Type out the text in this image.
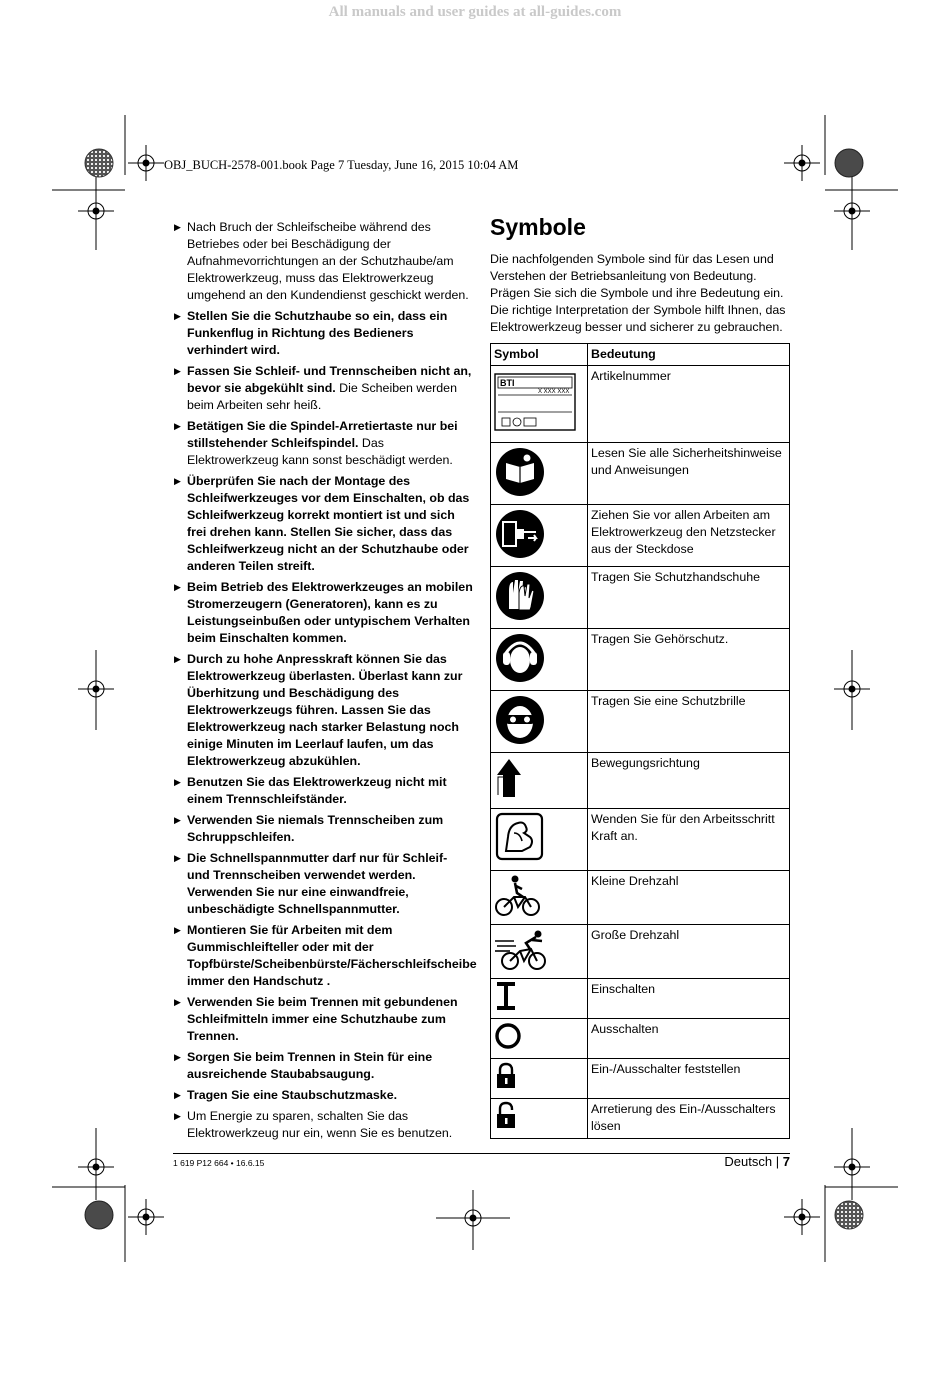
All manuals and user guides at all-guides.com
OBJ_BUCH-2578-001.book Page 7 Tuesday, June 16, 2015 10:04 AM
▶ Nach Bruch der Schleifscheibe während des Betriebes oder bei Beschädigung der Aufnahmevorrichtungen an der Schutzhaube/am Elektrowerkzeug, muss das Elektrowerkzeug umgehend an den Kundendienst geschickt werden.
▶ Stellen Sie die Schutzhaube so ein, dass ein Funkenflug in Richtung des Bedieners verhindert wird.
▶ Fassen Sie Schleif- und Trennscheiben nicht an, bevor sie abgekühlt sind. Die Scheiben werden beim Arbeiten sehr heiß.
▶ Betätigen Sie die Spindel-Arretiertaste nur bei stillstehender Schleifspindel. Das Elektrowerkzeug kann sonst beschädigt werden.
▶ Überprüfen Sie nach der Montage des Schleifwerkzeuges vor dem Einschalten, ob das Schleifwerkzeug korrekt montiert ist und sich frei drehen kann. Stellen Sie sicher, dass das Schleifwerkzeug nicht an der Schutzhaube oder anderen Teilen streift.
▶ Beim Betrieb des Elektrowerkzeuges an mobilen Stromerzeugern (Generatoren), kann es zu Leistungseinbußen oder untypischem Verhalten beim Einschalten kommen.
▶ Durch zu hohe Anpresskraft können Sie das Elektrowerkzeug überlasten. Überlast kann zur Überhitzung und Beschädigung des Elektrowerkzeugs führen. Lassen Sie das Elektrowerkzeug nach starker Belastung noch einige Minuten im Leerlauf laufen, um das Elektrowerkzeug abzukühlen.
▶ Benutzen Sie das Elektrowerkzeug nicht mit einem Trennschleifständer.
▶ Verwenden Sie niemals Trennscheiben zum Schruppschleifen.
▶ Die Schnellspannmutter darf nur für Schleif- und Trennscheiben verwendet werden. Verwenden Sie nur eine einwandfreie, unbeschädigte Schnellspannmutter.
▶ Montieren Sie für Arbeiten mit dem Gummischleifteller oder mit der Topfbürste/Scheibenbürste/Fächerschleifscheibe immer den Handschutz .
▶ Verwenden Sie beim Trennen mit gebundenen Schleifmitteln immer eine Schutzhaube zum Trennen.
▶ Sorgen Sie beim Trennen in Stein für eine ausreichende Staubabsaugung.
▶ Tragen Sie eine Staubschutzmaske.
▶ Um Energie zu sparen, schalten Sie das Elektrowerkzeug nur ein, wenn Sie es benutzen.
Symbole

Die nachfolgenden Symbole sind für das Lesen und Verstehen der Betriebsanleitung von Bedeutung. Prägen Sie sich die Symbole und ihre Bedeutung ein. Die richtige Interpretation der Symbole hilft Ihnen, das Elektrowerkzeug besser und sicherer zu gebrauchen.

Symbol	Bedeutung

BTI
X XXX XXX	Artikelnummer
	Lesen Sie alle Sicherheitshinweise und Anweisungen
	Ziehen Sie vor allen Arbeiten am Elektrowerkzeug den Netzstecker aus der Steckdose
	Tragen Sie Schutzhandschuhe
	Tragen Sie Gehörschutz.
	Tragen Sie eine Schutzbrille
	Bewegungsrichtung
	Wenden Sie für den Arbeitsschritt Kraft an.
	Kleine Drehzahl
	Große Drehzahl
	Einschalten
	Ausschalten
	Ein-/Ausschalter feststellen
	Arretierung des Ein-/Ausschalters lösen
1 619 P12 664 • 16.6.15	Deutsch | 7
